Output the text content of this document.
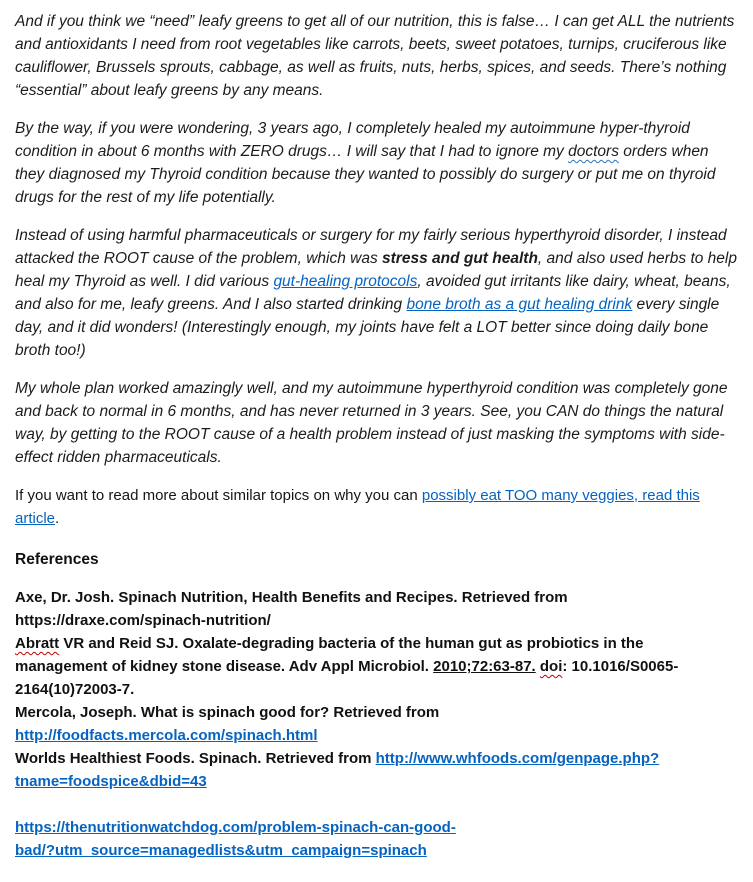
And if you think we “need” leafy greens to get all of our nutrition, this is false… I can get ALL the nutrients and antioxidants I need from root vegetables like carrots, beets, sweet potatoes, turnips, cruciferous like cauliflower, Brussels sprouts, cabbage, as well as fruits, nuts, herbs, spices, and seeds. There’s nothing “essential” about leafy greens by any means.

By the way, if you were wondering, 3 years ago, I completely healed my autoimmune hyper-thyroid condition in about 6 months with ZERO drugs… I will say that I had to ignore my doctors orders when they diagnosed my Thyroid condition because they wanted to possibly do surgery or put me on thyroid drugs for the rest of my life potentially.

Instead of using harmful pharmaceuticals or surgery for my fairly serious hyperthyroid disorder, I instead attacked the ROOT cause of the problem, which was stress and gut health, and also used herbs to help heal my Thyroid as well. I did various gut-healing protocols, avoided gut irritants like dairy, wheat, beans, and also for me, leafy greens. And I also started drinking bone broth as a gut healing drink every single day, and it did wonders! (Interestingly enough, my joints have felt a LOT better since doing daily bone broth too!)

My whole plan worked amazingly well, and my autoimmune hyperthyroid condition was completely gone and back to normal in 6 months, and has never returned in 3 years. See, you CAN do things the natural way, by getting to the ROOT cause of a health problem instead of just masking the symptoms with side-effect ridden pharmaceuticals.

If you want to read more about similar topics on why you can possibly eat TOO many veggies, read this article.

References

Axe, Dr. Josh. Spinach Nutrition, Health Benefits and Recipes. Retrieved from https://draxe.com/spinach-nutrition/

Abratt VR and Reid SJ. Oxalate-degrading bacteria of the human gut as probiotics in the management of kidney stone disease. Adv Appl Microbiol. 2010;72:63-87. doi: 10.1016/S0065-2164(10)72003-7.

Mercola, Joseph. What is spinach good for? Retrieved from http://foodfacts.mercola.com/spinach.html

Worlds Healthiest Foods. Spinach. Retrieved from http://www.whfoods.com/genpage.php?tname=foodspice&dbid=43

https://thenutritionwatchdog.com/problem-spinach-can-good-bad/?utm_source=managedlists&utm_campaign=spinach
